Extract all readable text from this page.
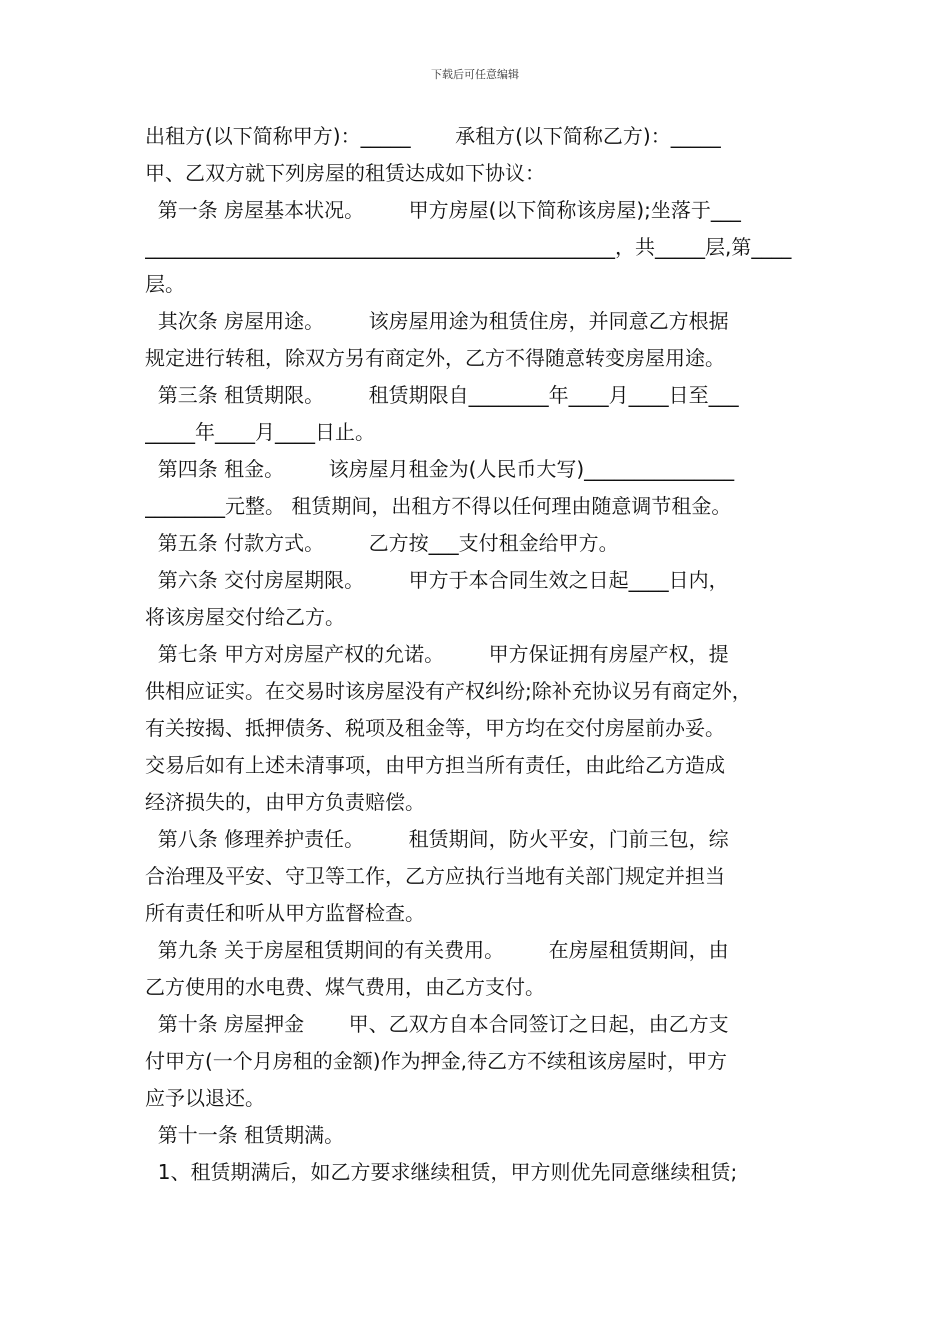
下载后可任意编辑
出租方(以下简称甲方)：_____       承租方(以下简称乙方)：_____
甲、乙双方就下列房屋的租赁达成如下协议：
第一条 房屋基本状况。       甲方房屋(以下简称该房屋);坐落于___
_______________________________________________，共_____层,第____
层。
其次条 房屋用途。       该房屋用途为租赁住房，并同意乙方根据
规定进行转租，除双方另有商定外，乙方不得随意转变房屋用途。
第三条 租赁期限。       租赁期限自________年____月____日至___
_____年____月____日止。
第四条 租金。       该房屋月租金为(人民币大写)_______________
________元整。 租赁期间，出租方不得以任何理由随意调节租金。
第五条 付款方式。       乙方按___支付租金给甲方。
第六条 交付房屋期限。       甲方于本合同生效之日起____日内，
将该房屋交付给乙方。
第七条 甲方对房屋产权的允诺。       甲方保证拥有房屋产权，提
供相应证实。在交易时该房屋没有产权纠纷;除补充协议另有商定外，
有关按揭、抵押债务、税项及租金等，甲方均在交付房屋前办妥。
交易后如有上述未清事项，由甲方担当所有责任，由此给乙方造成
经济损失的，由甲方负责赔偿。
第八条 修理养护责任。       租赁期间，防火平安，门前三包，综
合治理及平安、守卫等工作，乙方应执行当地有关部门规定并担当
所有责任和听从甲方监督检查。
第九条 关于房屋租赁期间的有关费用。       在房屋租赁期间，由
乙方使用的水电费、煤气费用，由乙方支付。
第十条 房屋押金       甲、乙双方自本合同签订之日起，由乙方支
付甲方(一个月房租的金额)作为押金,待乙方不续租该房屋时，甲方
应予以退还。
第十一条 租赁期满。
1、租赁期满后，如乙方要求继续租赁，甲方则优先同意继续租赁;
